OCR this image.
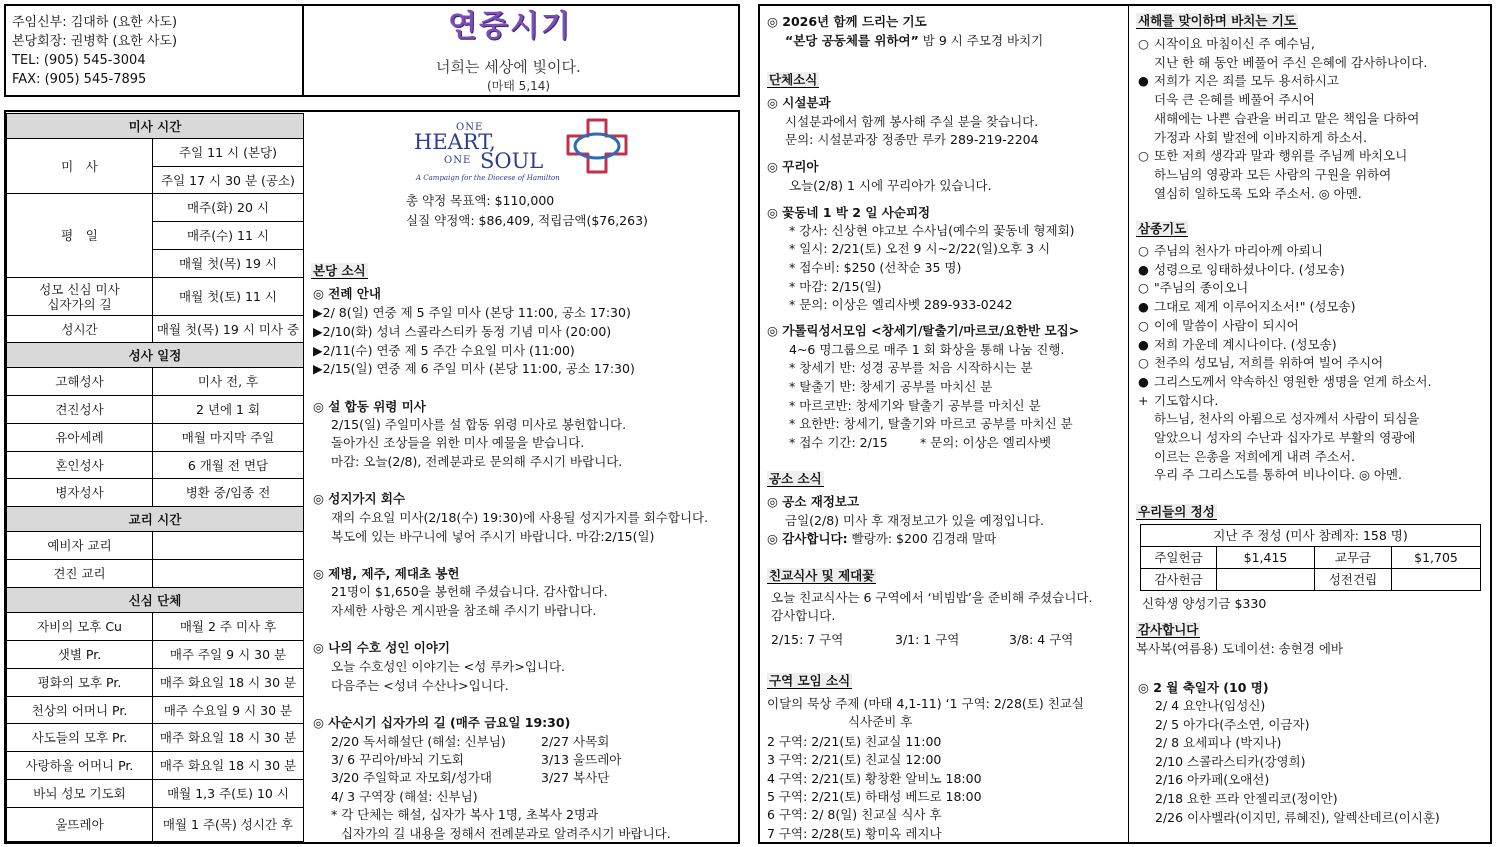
주임신부: 김대하 (요한 사도)
본당회장: 권병학 (요한 사도)
TEL: (905) 545-3004
FAX: (905) 545-7895
연중시기
너희는 세상에 빛이다.
(마태 5,14)
미사 시간	
미　사	주일 11 시 (본당)
	주일 17 시 30 분 (공소)
평　일	매주(화) 20 시
	매주(수) 11 시
	매월 첫(목) 19 시
성모 신심 미사
십자가의 길	매월 첫(토) 11 시
성시간	매월 첫(목) 19 시 미사 중
성사 일정	
고해성사	미사 전, 후
견진성사	2 년에 1 회
유아세례	매월 마지막 주일
혼인성사	6 개월 전 면담
병자성사	병환 중/임종 전
교리 시간	
예비자 교리	
견진 교리	
신심 단체	
자비의 모후 Cu	매월 2 주 미사 후
샛별 Pr.	매주 주일 9 시 30 분
평화의 모후 Pr.	매주 화요일 18 시 30 분
천상의 어머니 Pr.	매주 수요일 9 시 30 분
사도들의 모후 Pr.	매주 화요일 18 시 30 분
사랑하올 어머니 Pr.	매주 화요일 18 시 30 분
바뇌 성모 기도회	매월 1,3 주(토) 10 시
울뜨레아	매월 1 주(목) 성시간 후
ONE
HEART,
ONE SOUL
A Campaign for the Diocese of Hamilton
총 약정 목표액: $110,000
실질 약정액: $86,409, 적립금액($76,263)
본당 소식
◎ 전례 안내
▶2/ 8(일) 연중 제 5 주일 미사 (본당 11:00, 공소 17:30)
▶2/10(화) 성녀 스콜라스티카 동정 기념 미사 (20:00)
▶2/11(수) 연중 제 5 주간 수요일 미사 (11:00)
▶2/15(일) 연중 제 6 주일 미사 (본당 11:00, 공소 17:30)
◎ 설 합동 위령 미사
2/15(일) 주일미사를 설 합동 위령 미사로 봉헌합니다.
돌아가신 조상들을 위한 미사 예물을 받습니다.
마감: 오늘(2/8), 전례분과로 문의해 주시기 바랍니다.
◎ 성지가지 회수
재의 수요일 미사(2/18(수) 19:30)에 사용될 성지가지를 회수합니다.
복도에 있는 바구니에 넣어 주시기 바랍니다. 마감:2/15(일)
◎ 제병, 제주, 제대초 봉헌
21명이 $1,650을 봉헌해 주셨습니다. 감사합니다.
자세한 사항은 게시판을 참조해 주시기 바랍니다.
◎ 나의 수호 성인 이야기
오늘 수호성인 이야기는 <성 루카>입니다.
다음주는 <성녀 수산나>입니다.
◎ 사순시기 십자가의 길 (매주 금요일 19:30)
2/20 독서해설단 (해설: 신부님)	2/27 사목회
3/ 6 꾸리아/바뇌 기도회	3/13 울뜨레아
3/20 주일학교 자모회/성가대	3/27 복사단
4/ 3 구역장 (해설: 신부님)
* 각 단체는 해설, 십자가 복사 1명, 초복사 2명과
십자가의 길 내용을 정해서 전례분과로 알려주시기 바랍니다.
◎ 2026년 함께 드리는 기도
“본당 공동체를 위하여” 밤 9 시 주모경 바치기
단체소식
◎ 시설분과
시설분과에서 함께 봉사해 주실 분을 찾습니다.
문의: 시설분과장 정종만 루카 289-219-2204
◎ 꾸리아
오늘(2/8) 1 시에 꾸리아가 있습니다.
◎ 꽃동네 1 박 2 일 사순피정
* 강사: 신상현 야고보 수사님(예수의 꽃동네 형제회)
* 일시: 2/21(토) 오전 9 시~2/22(일)오후 3 시
* 접수비: $250 (선착순 35 명)
* 마감: 2/15(일)
* 문의: 이상은 엘리사벳 289-933-0242
◎ 가톨릭성서모임 <창세기/탈출기/마르코/요한반 모집>
4~6 명그룹으로 매주 1 회 화상을 통해 나눔 진행.
* 창세기 반: 성경 공부를 처음 시작하시는 분
* 탈출기 반: 창세기 공부를 마치신 분
* 마르코반: 창세기와 탈출기 공부를 마치신 분
* 요한반: 창세기, 탈출기와 마르코 공부를 마치신 분
* 접수 기간: 2/15	* 문의: 이상은 엘리사벳
공소 소식
◎ 공소 재정보고
금일(2/8) 미사 후 재정보고가 있을 예정입니다.
◎ 감사합니다: 빨랑까: $200 김경래 말따
친교식사 및 제대꽃
오늘 친교식사는 6 구역에서 ‘비빔밥’을 준비해 주셨습니다.
감사합니다.
2/15: 7 구역	3/1: 1 구역	3/8: 4 구역
구역 모임 소식
이달의 묵상 주제 (마태 4,1-11) ‘1 구역: 2/28(토) 친교실
식사준비 후
2 구역: 2/21(토) 친교실 11:00
3 구역: 2/21(토) 친교실 12:00
4 구역: 2/21(토) 황창환 알비노 18:00
5 구역: 2/21(토) 하태성 베드로 18:00
6 구역: 2/ 8(일) 친교실 식사 후
7 구역: 2/28(토) 황미옥 레지나
새해를 맞이하며 바치는 기도
○ 시작이요 마침이신 주 예수님,
지난 한 해 동안 베풀어 주신 은혜에 감사하나이다.
● 저희가 지은 죄를 모두 용서하시고
더욱 큰 은혜를 베풀어 주시어
새해에는 나쁜 습관을 버리고 맡은 책임을 다하여
가정과 사회 발전에 이바지하게 하소서.
○ 또한 저희 생각과 말과 행위를 주님께 바치오니
하느님의 영광과 모든 사람의 구원을 위하여
열심히 일하도록 도와 주소서. ◎ 아멘.
삼종기도
○ 주님의 천사가 마리아께 아뢰니
● 성령으로 잉태하셨나이다. (성모송)
○ "주님의 종이오니
● 그대로 제게 이루어지소서!" (성모송)
○ 이에 말씀이 사람이 되시어
● 저희 가운데 계시나이다. (성모송)
○ 천주의 성모님, 저희를 위하여 빌어 주시어
● 그리스도께서 약속하신 영원한 생명을 얻게 하소서.
+ 기도합시다.
하느님, 천사의 아룀으로 성자께서 사람이 되심을
알았으니 성자의 수난과 십자가로 부활의 영광에
이르는 은총을 저희에게 내려 주소서.
우리 주 그리스도를 통하여 비나이다. ◎ 아멘.
우리들의 정성
지난 주 정성 (미사 참례자: 158 명)			
주일헌금	$1,415	교무금	$1,705
감사헌금		성전건립	
신학생 양성기금 $330
감사합니다
복사복(여름용) 도네이션: 송현경 에바
◎ 2 월 축일자 (10 명)
2/ 4 요안나(임성신)
2/ 5 아가다(주소연, 이금자)
2/ 8 요세피나 (박지나)
2/10 스콜라스티카(강영희)
2/16 아카페(오애선)
2/18 요한 프라 안젤리코(정이안)
2/26 이사벨라(이지민, 류혜진), 알렉산데르(이시훈)
